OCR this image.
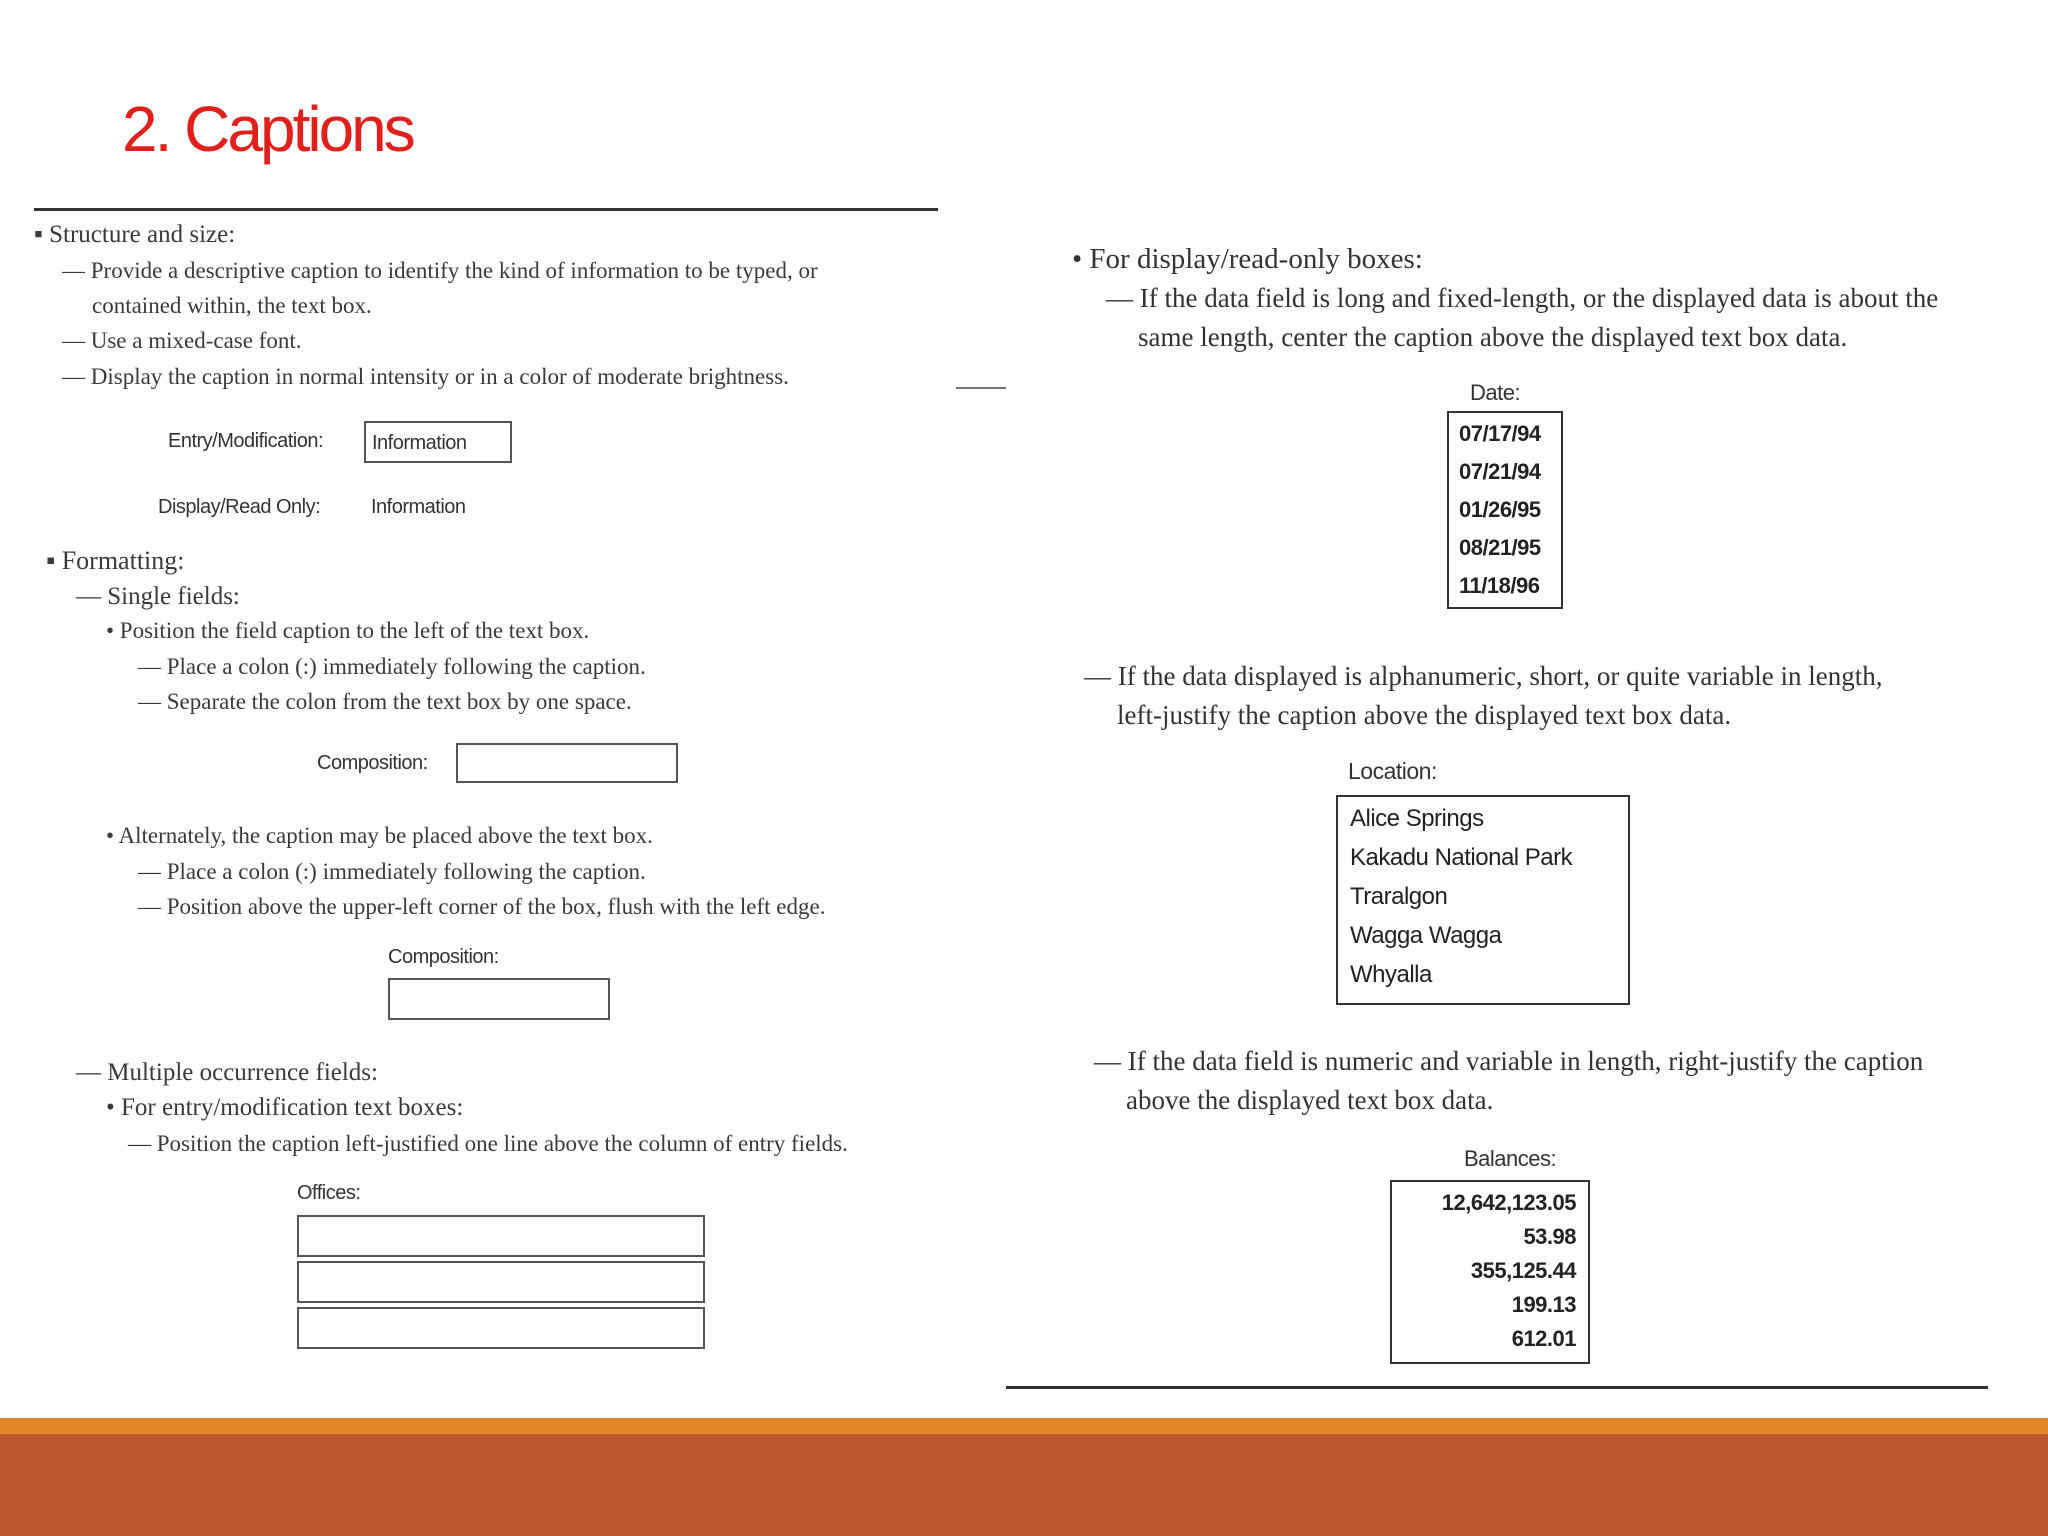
2. Captions
▪ Structure and size:
— Provide a descriptive caption to identify the kind of information to be typed, or
contained within, the text box.
— Use a mixed-case font.
— Display the caption in normal intensity or in a color of moderate brightness.
Entry/Modification: Information
Display/Read Only:	Information
▪ Formatting:
— Single fields:
• Position the field caption to the left of the text box.
— Place a colon (:) immediately following the caption.
— Separate the colon from the text box by one space.
Composition:
• Alternately, the caption may be placed above the text box.
— Place a colon (:) immediately following the caption.
— Position above the upper-left corner of the box, flush with the left edge.
Composition:
— Multiple occurrence fields:
• For entry/modification text boxes:
— Position the caption left-justified one line above the column of entry fields.
Offices:
• For display/read-only boxes:
— If the data field is long and fixed-length, or the displayed data is about the
same length, center the caption above the displayed text box data.
Date:
07/17/94
07/21/94
01/26/95
08/21/95
11/18/96
— If the data displayed is alphanumeric, short, or quite variable in length,
left-justify the caption above the displayed text box data.
Location:
Alice Springs
Kakadu National Park
Traralgon
Wagga Wagga
Whyalla
— If the data field is numeric and variable in length, right-justify the caption
above the displayed text box data.
Balances:
12,642,123.05
53.98
355,125.44
199.13
612.01
